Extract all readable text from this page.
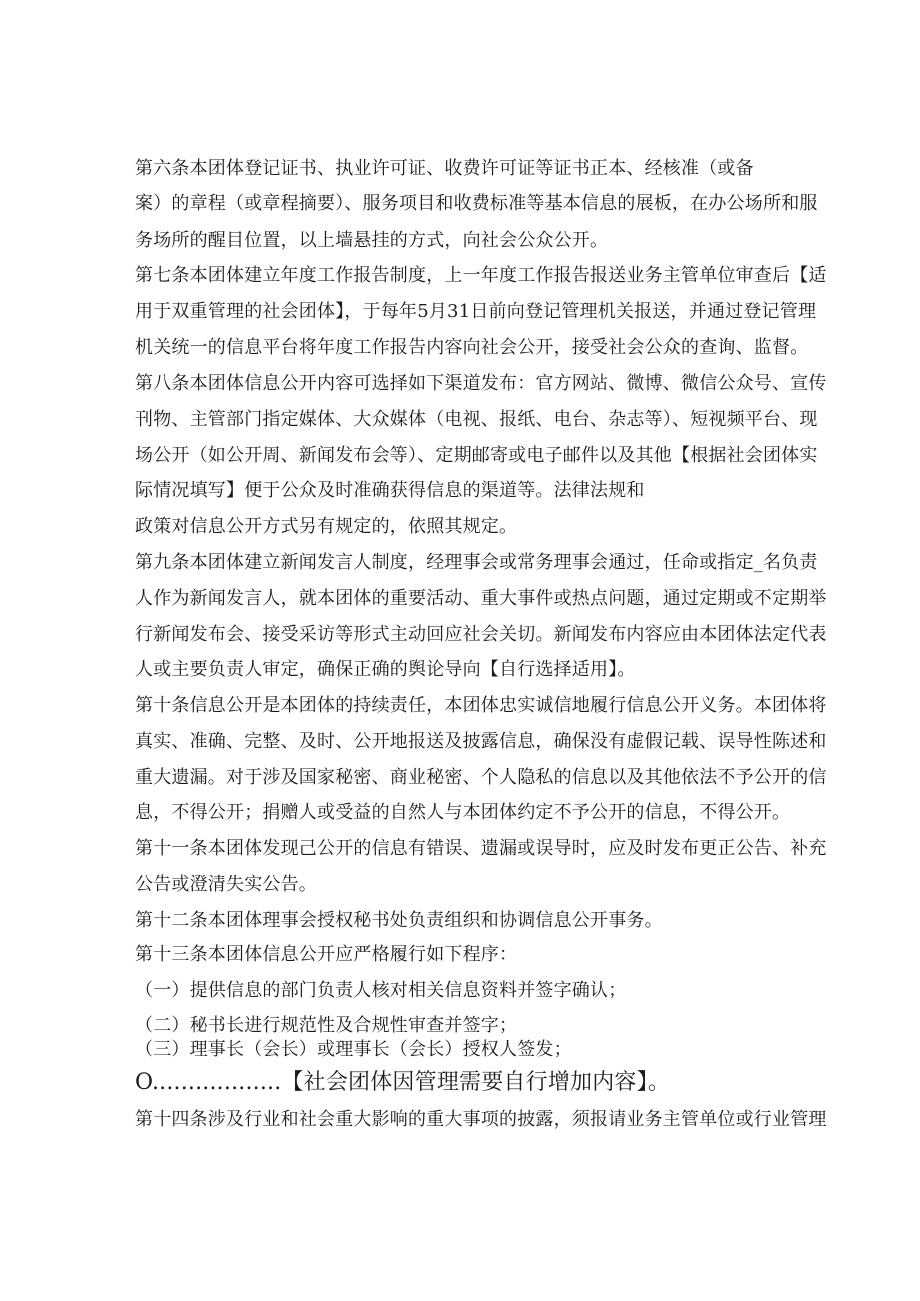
第六条本团体登记证书、执业许可证、收费许可证等证书正本、经核准（或备
案）的章程（或章程摘要）、服务项目和收费标准等基本信息的展板，在办公场所和服
务场所的醒目位置，以上墙悬挂的方式，向社会公众公开。
第七条本团体建立年度工作报告制度，上一年度工作报告报送业务主管单位审查后【适
用于双重管理的社会团体】，于每年5月31日前向登记管理机关报送，并通过登记管理
机关统一的信息平台将年度工作报告内容向社会公开，接受社会公众的查询、监督。
第八条本团体信息公开内容可选择如下渠道发布：官方网站、微博、微信公众号、宣传
刊物、主管部门指定媒体、大众媒体（电视、报纸、电台、杂志等）、短视频平台、现
场公开（如公开周、新闻发布会等）、定期邮寄或电子邮件以及其他【根据社会团体实
际情况填写】便于公众及时准确获得信息的渠道等。法律法规和
政策对信息公开方式另有规定的，依照其规定。
第九条本团体建立新闻发言人制度，经理事会或常务理事会通过，任命或指定_名负责
人作为新闻发言人，就本团体的重要活动、重大事件或热点问题，通过定期或不定期举
行新闻发布会、接受采访等形式主动回应社会关切。新闻发布内容应由本团体法定代表
人或主要负责人审定，确保正确的舆论导向【自行选择适用】。
第十条信息公开是本团体的持续责任，本团体忠实诚信地履行信息公开义务。本团体将
真实、准确、完整、及时、公开地报送及披露信息，确保没有虚假记载、误导性陈述和
重大遗漏。对于涉及国家秘密、商业秘密、个人隐私的信息以及其他依法不予公开的信
息，不得公开；捐赠人或受益的自然人与本团体约定不予公开的信息，不得公开。
第十一条本团体发现己公开的信息有错误、遗漏或误导时，应及时发布更正公告、补充
公告或澄清失实公告。
第十二条本团体理事会授权秘书处负责组织和协调信息公开事务。
第十三条本团体信息公开应严格履行如下程序：
（一）提供信息的部门负责人核对相关信息资料并签字确认；
（二）秘书长进行规范性及合规性审查并签字；
（三）理事长（会长）或理事长（会长）授权人签发；
O..................【社会团体因管理需要自行增加内容】。
第十四条涉及行业和社会重大影响的重大事项的披露，须报请业务主管单位或行业管理
